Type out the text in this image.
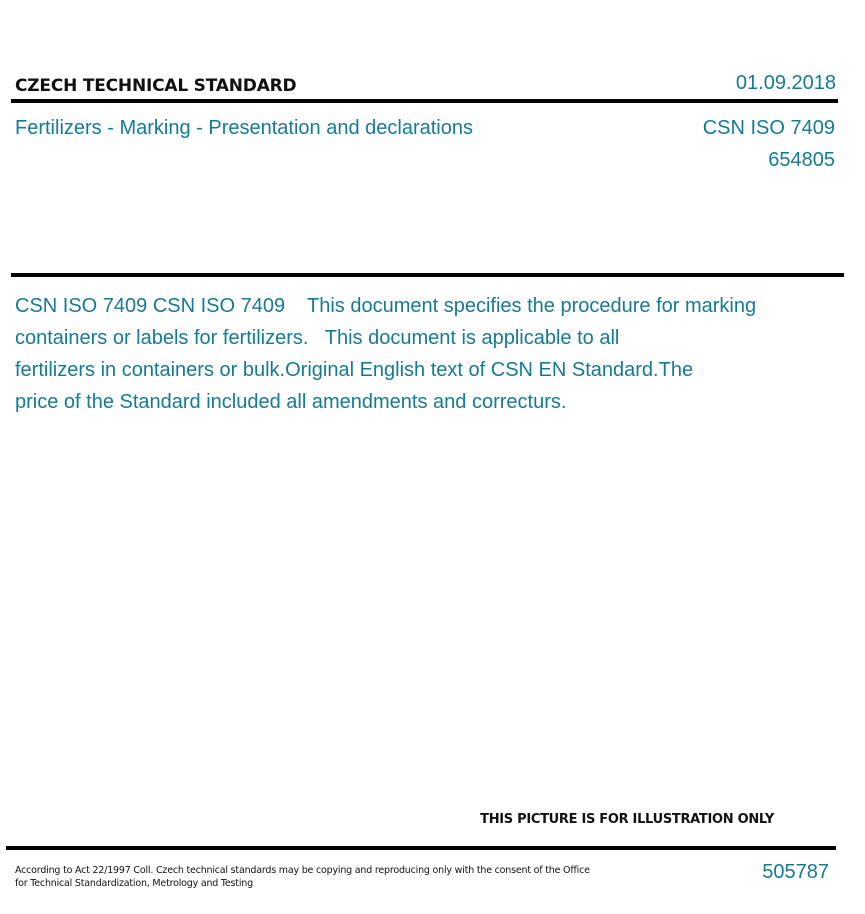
CZECH TECHNICAL STANDARD	01.09.2018
Fertilizers - Marking - Presentation and declarations	CSN ISO 7409
654805
CSN ISO 7409 CSN ISO 7409    This document specifies the procedure for marking
containers or labels for fertilizers.   This document is applicable to all
fertilizers in containers or bulk.Original English text of CSN EN Standard.The
price of the Standard included all amendments and correcturs.
THIS PICTURE IS FOR ILLUSTRATION ONLY
According to Act 22/1997 Coll. Czech technical standards may be copying and reproducing only with the consent of the Office
for Technical Standardization, Metrology and Testing
505787
